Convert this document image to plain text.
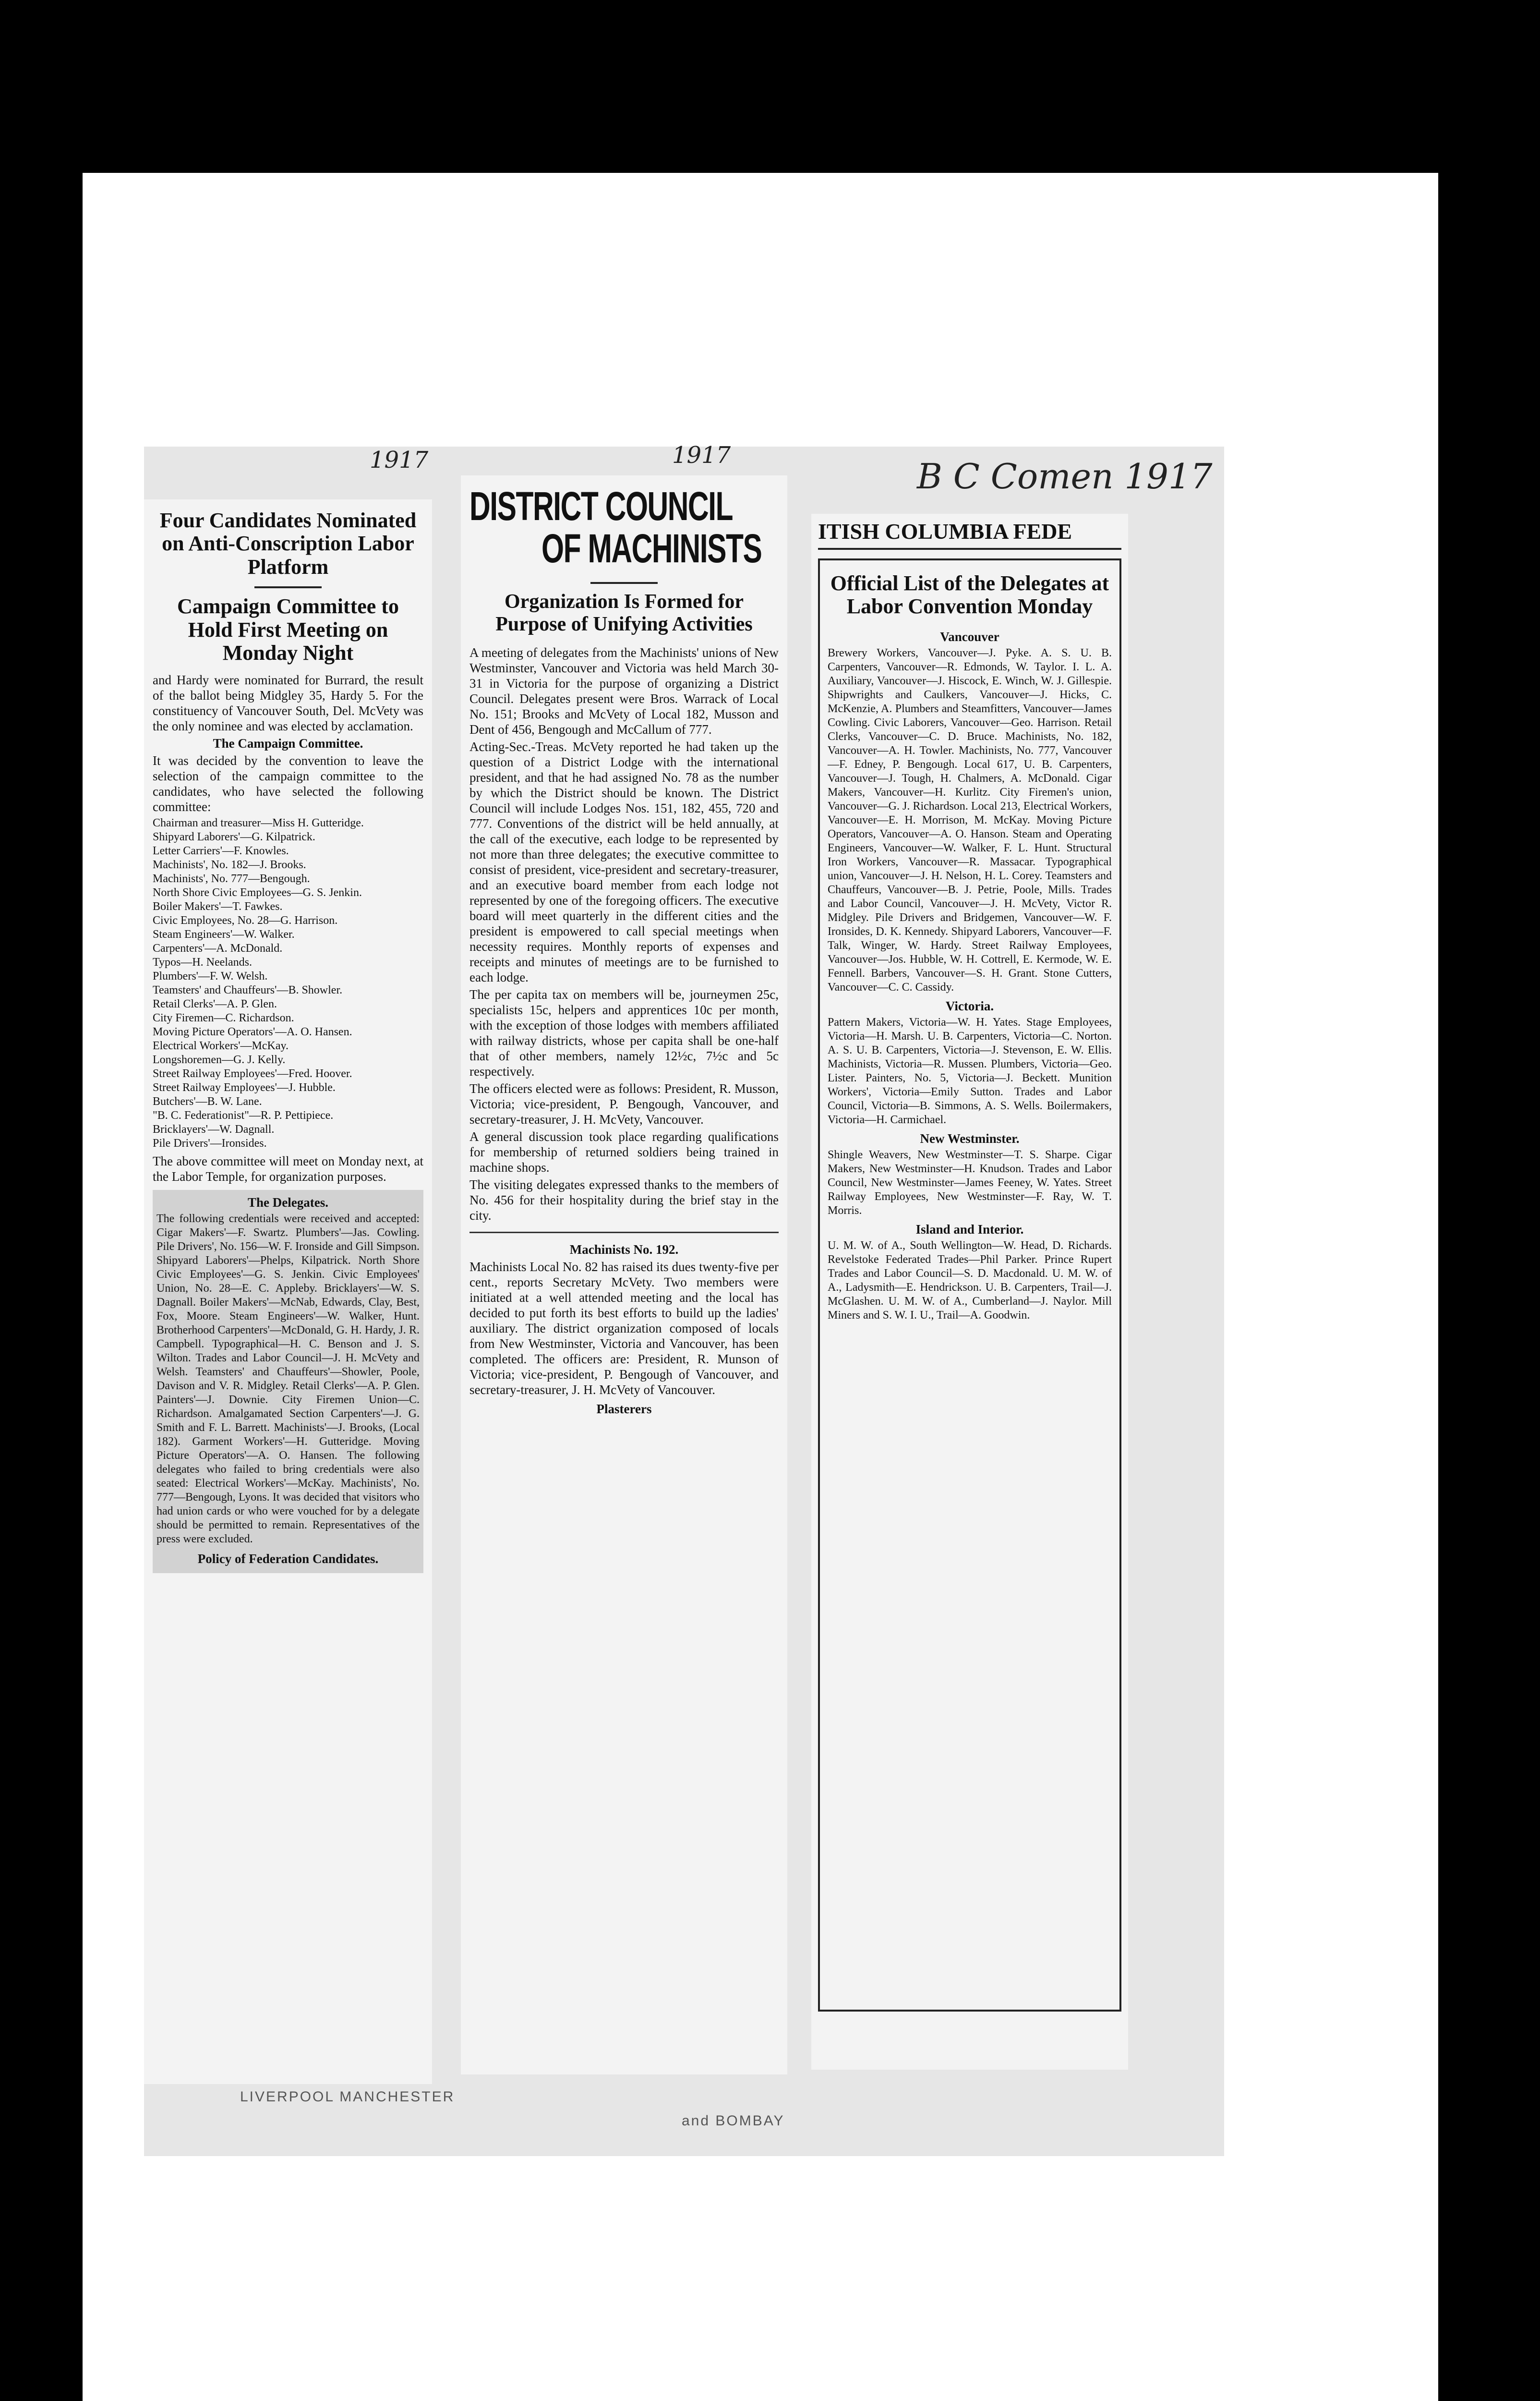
1917	1917
B C Comen 1917
Four Candidates Nominated on Anti-Conscription Labor Platform
Campaign Committee to Hold First Meeting on Monday Night

and Hardy were nominated for Burrard, the result of the ballot being Midgley 35, Hardy 5. For the constituency of Vancouver South, Del. McVety was the only nominee and was elected by acclamation.

The Campaign Committee.

It was decided by the convention to leave the selection of the campaign committee to the candidates, who have selected the following committee:

Chairman and treasurer—Miss H. Gutteridge.

Shipyard Laborers'—G. Kilpatrick.

Letter Carriers'—F. Knowles.

Machinists', No. 182—J. Brooks.

Machinists', No. 777—Bengough.

North Shore Civic Employees—G. S. Jenkin.

Boiler Makers'—T. Fawkes.

Civic Employees, No. 28—G. Harrison.

Steam Engineers'—W. Walker.

Carpenters'—A. McDonald.

Typos—H. Neelands.

Plumbers'—F. W. Welsh.

Teamsters' and Chauffeurs'—B. Showler.

Retail Clerks'—A. P. Glen.

City Firemen—C. Richardson.

Moving Picture Operators'—A. O. Hansen.

Electrical Workers'—McKay.

Longshoremen—G. J. Kelly.

Street Railway Employees'—Fred. Hoover.

Street Railway Employees'—J. Hubble.

Butchers'—B. W. Lane.

"B. C. Federationist"—R. P. Pettipiece.

Bricklayers'—W. Dagnall.

Pile Drivers'—Ironsides.

The above committee will meet on Monday next, at the Labor Temple, for organization purposes.

The Delegates.

The following credentials were received and accepted: Cigar Makers'—F. Swartz. Plumbers'—Jas. Cowling. Pile Drivers', No. 156—W. F. Ironside and Gill Simpson. Shipyard Laborers'—Phelps, Kilpatrick. North Shore Civic Employees'—G. S. Jenkin. Civic Employees' Union, No. 28—E. C. Appleby. Bricklayers'—W. S. Dagnall. Boiler Makers'—McNab, Edwards, Clay, Best, Fox, Moore. Steam Engineers'—W. Walker, Hunt. Brotherhood Carpenters'—McDonald, G. H. Hardy, J. R. Campbell. Typographical—H. C. Benson and J. S. Wilton. Trades and Labor Council—J. H. McVety and Welsh. Teamsters' and Chauffeurs'—Showler, Poole, Davison and V. R. Midgley. Retail Clerks'—A. P. Glen. Painters'—J. Downie. City Firemen Union—C. Richardson. Amalgamated Section Carpenters'—J. G. Smith and F. L. Barrett. Machinists'—J. Brooks, (Local 182). Garment Workers'—H. Gutteridge. Moving Picture Operators'—A. O. Hansen. The following delegates who failed to bring credentials were also seated: Electrical Workers'—McKay. Machinists', No. 777—Bengough, Lyons. It was decided that visitors who had union cards or who were vouched for by a delegate should be permitted to remain. Representatives of the press were excluded.

Policy of Federation Candidates.

DISTRICT COUNCIL
OF MACHINISTS
Organization Is Formed for Purpose of Unifying Activities

A meeting of delegates from the Machinists' unions of New Westminster, Vancouver and Victoria was held March 30-31 in Victoria for the purpose of organizing a District Council. Delegates present were Bros. Warrack of Local No. 151; Brooks and McVety of Local 182, Musson and Dent of 456, Bengough and McCallum of 777.

Acting-Sec.-Treas. McVety reported he had taken up the question of a District Lodge with the international president, and that he had assigned No. 78 as the number by which the District should be known. The District Council will include Lodges Nos. 151, 182, 455, 720 and 777. Conventions of the district will be held annually, at the call of the executive, each lodge to be represented by not more than three delegates; the executive committee to consist of president, vice-president and secretary-treasurer, and an executive board member from each lodge not represented by one of the foregoing officers. The executive board will meet quarterly in the different cities and the president is empowered to call special meetings when necessity requires. Monthly reports of expenses and receipts and minutes of meetings are to be furnished to each lodge.

The per capita tax on members will be, journeymen 25c, specialists 15c, helpers and apprentices 10c per month, with the exception of those lodges with members affiliated with railway districts, whose per capita shall be one-half that of other members, namely 12½c, 7½c and 5c respectively.

The officers elected were as follows: President, R. Musson, Victoria; vice-president, P. Bengough, Vancouver, and secretary-treasurer, J. H. McVety, Vancouver.

A general discussion took place regarding qualifications for membership of returned soldiers being trained in machine shops.

The visiting delegates expressed thanks to the members of No. 456 for their hospitality during the brief stay in the city.

Machinists No. 192.

Machinists Local No. 82 has raised its dues twenty-five per cent., reports Secretary McVety. Two members were initiated at a well attended meeting and the local has decided to put forth its best efforts to build up the ladies' auxiliary. The district organization composed of locals from New Westminster, Victoria and Vancouver, has been completed. The officers are: President, R. Munson of Victoria; vice-president, P. Bengough of Vancouver, and secretary-treasurer, J. H. McVety of Vancouver.

Plasterers

ITISH COLUMBIA FEDE
Official List of the Delegates at Labor Convention Monday

Vancouver

Brewery Workers, Vancouver—J. Pyke. A. S. U. B. Carpenters, Vancouver—R. Edmonds, W. Taylor. I. L. A. Auxiliary, Vancouver—J. Hiscock, E. Winch, W. J. Gillespie. Shipwrights and Caulkers, Vancouver—J. Hicks, C. McKenzie, A. Plumbers and Steamfitters, Vancouver—James Cowling. Civic Laborers, Vancouver—Geo. Harrison. Retail Clerks, Vancouver—C. D. Bruce. Machinists, No. 182, Vancouver—A. H. Towler. Machinists, No. 777, Vancouver—F. Edney, P. Bengough. Local 617, U. B. Carpenters, Vancouver—J. Tough, H. Chalmers, A. McDonald. Cigar Makers, Vancouver—H. Kurlitz. City Firemen's union, Vancouver—G. J. Richardson. Local 213, Electrical Workers, Vancouver—E. H. Morrison, M. McKay. Moving Picture Operators, Vancouver—A. O. Hanson. Steam and Operating Engineers, Vancouver—W. Walker, F. L. Hunt. Structural Iron Workers, Vancouver—R. Massacar. Typographical union, Vancouver—J. H. Nelson, H. L. Corey. Teamsters and Chauffeurs, Vancouver—B. J. Petrie, Poole, Mills. Trades and Labor Council, Vancouver—J. H. McVety, Victor R. Midgley. Pile Drivers and Bridgemen, Vancouver—W. F. Ironsides, D. K. Kennedy. Shipyard Laborers, Vancouver—F. Talk, Winger, W. Hardy. Street Railway Employees, Vancouver—Jos. Hubble, W. H. Cottrell, E. Kermode, W. E. Fennell. Barbers, Vancouver—S. H. Grant. Stone Cutters, Vancouver—C. C. Cassidy.

Victoria.

Pattern Makers, Victoria—W. H. Yates. Stage Employees, Victoria—H. Marsh. U. B. Carpenters, Victoria—C. Norton. A. S. U. B. Carpenters, Victoria—J. Stevenson, E. W. Ellis. Machinists, Victoria—R. Mussen. Plumbers, Victoria—Geo. Lister. Painters, No. 5, Victoria—J. Beckett. Munition Workers', Victoria—Emily Sutton. Trades and Labor Council, Victoria—B. Simmons, A. S. Wells. Boilermakers, Victoria—H. Carmichael.

New Westminster.

Shingle Weavers, New Westminster—T. S. Sharpe. Cigar Makers, New Westminster—H. Knudson. Trades and Labor Council, New Westminster—James Feeney, W. Yates. Street Railway Employees, New Westminster—F. Ray, W. T. Morris.

Island and Interior.

U. M. W. of A., South Wellington—W. Head, D. Richards. Revelstoke Federated Trades—Phil Parker. Prince Rupert Trades and Labor Council—S. D. Macdonald. U. M. W. of A., Ladysmith—E. Hendrickson. U. B. Carpenters, Trail—J. McGlashen. U. M. W. of A., Cumberland—J. Naylor. Mill Miners and S. W. I. U., Trail—A. Goodwin.

LIVERPOOL MANCHESTER
and BOMBAY
